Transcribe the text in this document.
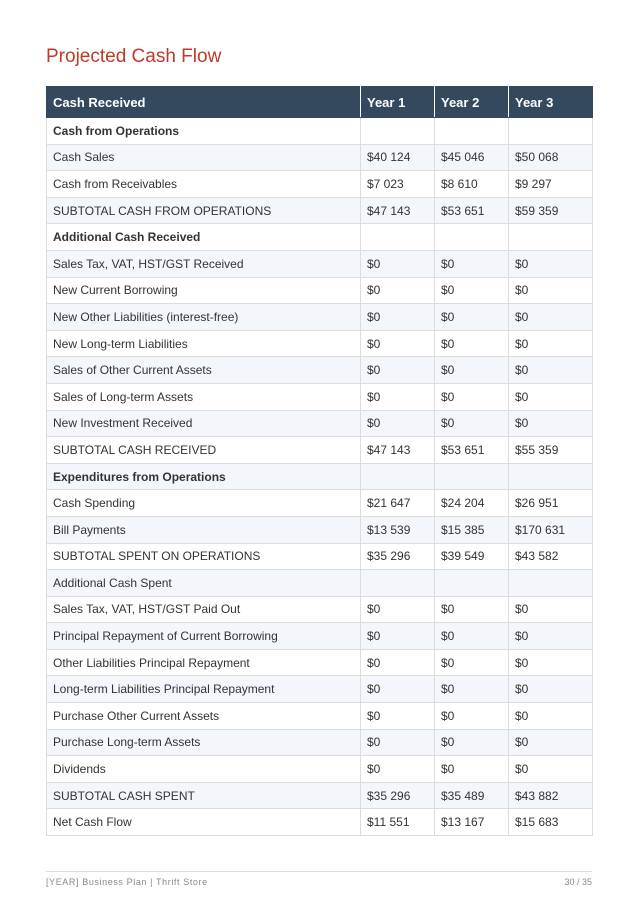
Projected Cash Flow
Cash Received	Year 1	Year 2	Year 3
Cash from Operations			
Cash Sales	$40 124	$45 046	$50 068
Cash from Receivables	$7 023	$8 610	$9 297
SUBTOTAL CASH FROM OPERATIONS	$47 143	$53 651	$59 359
Additional Cash Received			
Sales Tax, VAT, HST/GST Received	$0	$0	$0
New Current Borrowing	$0	$0	$0
New Other Liabilities (interest-free)	$0	$0	$0
New Long-term Liabilities	$0	$0	$0
Sales of Other Current Assets	$0	$0	$0
Sales of Long-term Assets	$0	$0	$0
New Investment Received	$0	$0	$0
SUBTOTAL CASH RECEIVED	$47 143	$53 651	$55 359
Expenditures from Operations			
Cash Spending	$21 647	$24 204	$26 951
Bill Payments	$13 539	$15 385	$170 631
SUBTOTAL SPENT ON OPERATIONS	$35 296	$39 549	$43 582
Additional Cash Spent			
Sales Tax, VAT, HST/GST Paid Out	$0	$0	$0
Principal Repayment of Current Borrowing	$0	$0	$0
Other Liabilities Principal Repayment	$0	$0	$0
Long-term Liabilities Principal Repayment	$0	$0	$0
Purchase Other Current Assets	$0	$0	$0
Purchase Long-term Assets	$0	$0	$0
Dividends	$0	$0	$0
SUBTOTAL CASH SPENT	$35 296	$35 489	$43 882
Net Cash Flow	$11 551	$13 167	$15 683
[YEAR] Business Plan | Thrift Store	30 / 35
